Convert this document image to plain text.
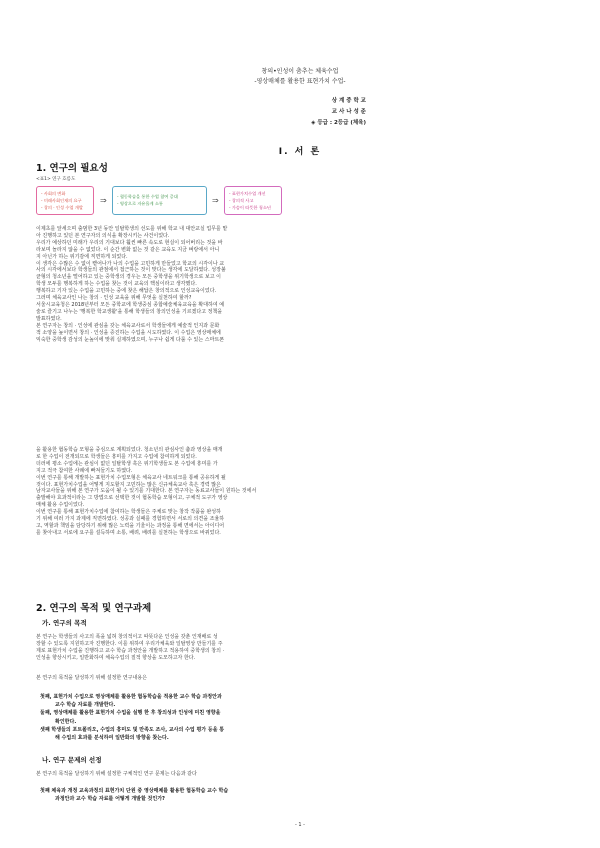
창의•인성이 춤추는 체육수업
-영상매체를 활용한 표현가치 수업-
상 계 중 학 교
교 사 나 성 준
◈ 등급 : 2등급 (체육)
Ⅰ. 서 론
1. 연구의 필요성
<표1> 연구 흐름도
- 사회의 변화
- 미래사회인재의 요구
- 창의 · 인성 수업 개발
⇒ - 협동학습을 통한 수업 참여 증대
- 영상으로 자유롭게 소통	⇒
- 표현가치수업 개선
- 창의적 사고
- 가슴이 따뜻한 청소년

이제초를 앞세으며 출범한 3년 동안 일탈학생의 선도를 위해 학교 내 대안교실 업무를 맡

아 진행하고 있던 본 연구자의 의식을 확장시키는 사건이었다.

우리가 예상하던 미래가 우리의 기대보다 훨씬 빠른 속도로 현실이 되어버리는 것을 바

라보며 놀라지 않을 수 없었다. 이 순간 변화 없는 것 같은 교육도 지금 벼랑에서 아니

지 아닌가 하는 위기감에 직면하게 되었다.

이 생각은 수많은 수 없이 뻗어나가 나의 수업을 고민하게 만들었고 학교의 시각이나 교

사의 시각에서보다 학생들의 관점에서 접근하는 것이 맞다는 생각에 도달하였다. 성장불

균형의 청소년을 떨어하고 있는 중학생의 경우는 모든 중학생을 위기학생으로 보고 이

학생 모두를 행복하게 하는 수업을 찾는 것이 교육의 핵심이라고 생각했다.

행복하고 기자 있는 수업을 고민하는 중에 찾은 해답은 창의적으로 인성교육이었다.

그러며 체육교사인 나는 창의 · 인성 교육을 위해 무엇을 실천하여 할까?

서울시교육청은 2018년부터 모든 중학교에 학생중심 종합예술체육교육을 확대하여 예

술로 즐기고 나누는 '행복한 학교생활'을 통해 학생들의 창의인성을 기르겠다고 정책을

발표하였다.

본 연구자는 창의 · 인성에 관심을 갖는 체육교사로서 학생들에게 예술적 인지과 문화

적 소양을 높이면서 창의 · 인성을 증진하는 수업을 시도하였다. 이 수업은 영상매체에

익숙한 중학생 감성의 눈높이에 맞춰 실제하였으며, 누구나 쉽게 다룰 수 있는 스마트폰

을 활용한 협동학습 모형을 중심으로 계획되었다. 청소년의 관심사인 춤과 영상을 매개

로 한 수업이 전개되므로 학생들은 흥미를 가지고 수업에 참여하게 되었다.

더러에 평소 수업에는 관심이 없던 일탈학생 혹은 위기학생들도 본 수업에 흥미를 가

지고 적극 참여한 사례에 빠져들기도 하였다.

이번 연구를 통해 개발하는 표현가치 수업모형은 체육교사 네트워크를 통해 공유하게 될

것이다. 표현가치수업을 어떻게 지도할지 고민하는 많은 신규체육교사 혹은 경력 많은

남자교사들을 위해 본 연구가 도움이 될 수 있기를 기대한다. 본 연구자는 동료교사들이 원하는 것에서

출발해야 효과적이라는 그 방법으로 선택한 것이 협동학습 모형이고, 구체적 도구가 영상

매체 활용 수업이었다.

이번 연구를 통해 표현가치수업에 참여하는 학생들은 주체로 맞는 창작 작품을 완성하

기 위해 여러 가지 과제에 직면하였다. 성공과 실패를 경험하면서 서로의 의견을 조율하

고, 역할과 책임을 담당하기 위해 많은 노력을 기울이는 과정을 통해 면에서는 아이디어

를 찾아내고 서로에 요구를 설득하며 소통, 배려, 배려를 실천하는 학생으로 바뀌었다.

2. 연구의 목적 및 연구과제
가. 연구의 목적

본 연구는 학생들의 사고의 폭을 넓혀 창의적이고 따뜻다운 인성을 갖춘 인재배로 성

장할 수 있도록 지원하고자 진행한다. 이를 위하여 우리가체육와 일탈영상 만들기를 주

제로 표현가치 수업을 진행하고 교수 학습 과정안을 개발하고 적용하여 중학생의 창의 ·

인성을 향상시키고, 일반화하여 체육수업의 질적 향상을 도모하고자 한다.

본 연구의 목적을 달성하기 위해 설정한 연구내용은

첫째, 표현가치 수업으로 영상매체를 활용한 협동학습을 적용한 교수 학습 과정안과

교수 학습 자료를 개발한다.

둘째, 영상매체를 활용한 표현가치 수업을 실행 한 후 창의성과 인성에 미친 영향을

확인한다.

셋째 학생들의 포트폴리오, 수업의 흥미도 및 만족도 조사, 교사의 수업 평가 등을 통

해 수업의 효과를 분석하여 일반화의 방향을 찾는다.

나. 연구 문제의 선정
본 연구의 목적을 달성하기 위해 설정한 구체적인 연구 문제는 다음과 같다

첫째 체육과 개정 교육과정의 표현가치 단원 중 영상매체를 활용한 협동학습 교수 학습

과정안과 교수 학습 자료를 어떻게 개발할 것인가?

- 1 -
